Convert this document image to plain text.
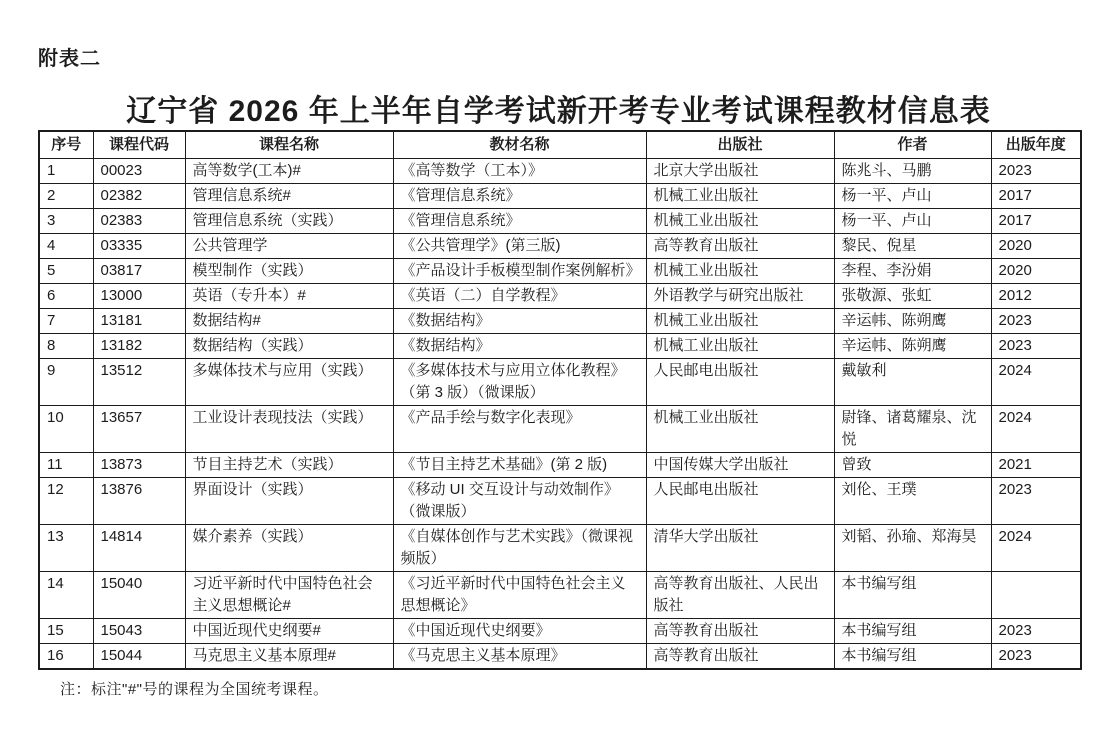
附表二
辽宁省 2026 年上半年自学考试新开考专业考试课程教材信息表
序号	课程代码	课程名称	教材名称	出版社	作者	出版年度
1	00023	高等数学(工本)#	《高等数学（工本）》	北京大学出版社	陈兆斗、马鹏	2023
2	02382	管理信息系统#	《管理信息系统》	机械工业出版社	杨一平、卢山	2017
3	02383	管理信息系统（实践）	《管理信息系统》	机械工业出版社	杨一平、卢山	2017
4	03335	公共管理学	《公共管理学》(第三版)	高等教育出版社	黎民、倪星	2020
5	03817	模型制作（实践）	《产品设计手板模型制作案例解析》	机械工业出版社	李程、李汾娟	2020
6	13000	英语（专升本）#	《英语（二）自学教程》	外语教学与研究出版社	张敬源、张虹	2012
7	13181	数据结构#	《数据结构》	机械工业出版社	辛运帏、陈朔鹰	2023
8	13182	数据结构（实践）	《数据结构》	机械工业出版社	辛运帏、陈朔鹰	2023
9	13512	多媒体技术与应用（实践）	《多媒体技术与应用立体化教程》（第 3 版）（微课版）	人民邮电出版社	戴敏利	2024
10	13657	工业设计表现技法（实践）	《产品手绘与数字化表现》	机械工业出版社	尉锋、诸葛耀泉、沈悦	2024
11	13873	节目主持艺术（实践）	《节目主持艺术基础》(第 2 版)	中国传媒大学出版社	曾致	2021
12	13876	界面设计（实践）	《移动 UI 交互设计与动效制作》（微课版）	人民邮电出版社	刘伦、王璞	2023
13	14814	媒介素养（实践）	《自媒体创作与艺术实践》（微课视频版）	清华大学出版社	刘韬、孙瑜、郑海昊	2024
14	15040	习近平新时代中国特色社会主义思想概论#	《习近平新时代中国特色社会主义思想概论》	高等教育出版社、人民出版社	本书编写组	
15	15043	中国近现代史纲要#	《中国近现代史纲要》	高等教育出版社	本书编写组	2023
16	15044	马克思主义基本原理#	《马克思主义基本原理》	高等教育出版社	本书编写组	2023
注：标注"#"号的课程为全国统考课程。
